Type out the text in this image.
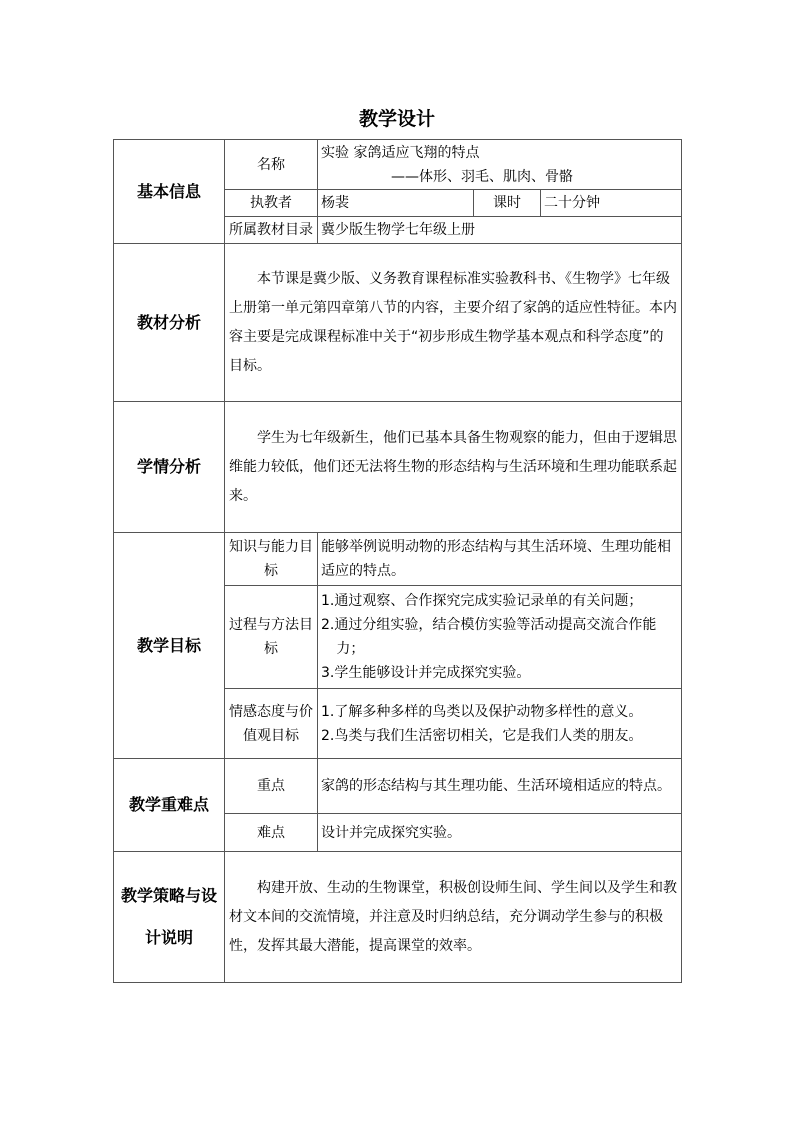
教学设计
基本信息	名称	实验 家鸽适应飞翔的特点
——体形、羽毛、肌肉、骨骼		

	执教者	杨裴	课时	二十分钟
	所属教材目录	冀少版生物学七年级上册		
教材分析	本节课是冀少版、义务教育课程标准实验教科书、《生物学》七年级上册第一单元第四章第八节的内容，主要介绍了家鸽的适应性特征。本内容主要是完成课程标准中关于“初步形成生物学基本观点和科学态度”的目标。			
学情分析	学生为七年级新生，他们已基本具备生物观察的能力，但由于逻辑思维能力较低，他们还无法将生物的形态结构与生活环境和生理功能联系起来。			
教学目标	知识与能力目标	能够举例说明动物的形态结构与其生活环境、生理功能相适应的特点。		
	过程与方法目标	1.通过观察、合作探究完成实验记录单的有关问题；
2.通过分组实验，结合模仿实验等活动提高交流合作能力；
3.学生能够设计并完成探究实验。		

	情感态度与价值观目标	1.了解多种多样的鸟类以及保护动物多样性的意义。
2.鸟类与我们生活密切相关，它是我们人类的朋友。		

教学重难点	重点	家鸽的形态结构与其生理功能、生活环境相适应的特点。		
	难点	设计并完成探究实验。		
教学策略与设计说明	构建开放、生动的生物课堂，积极创设师生间、学生间以及学生和教材文本间的交流情境，并注意及时归纳总结，充分调动学生参与的积极性，发挥其最大潜能，提高课堂的效率。			
